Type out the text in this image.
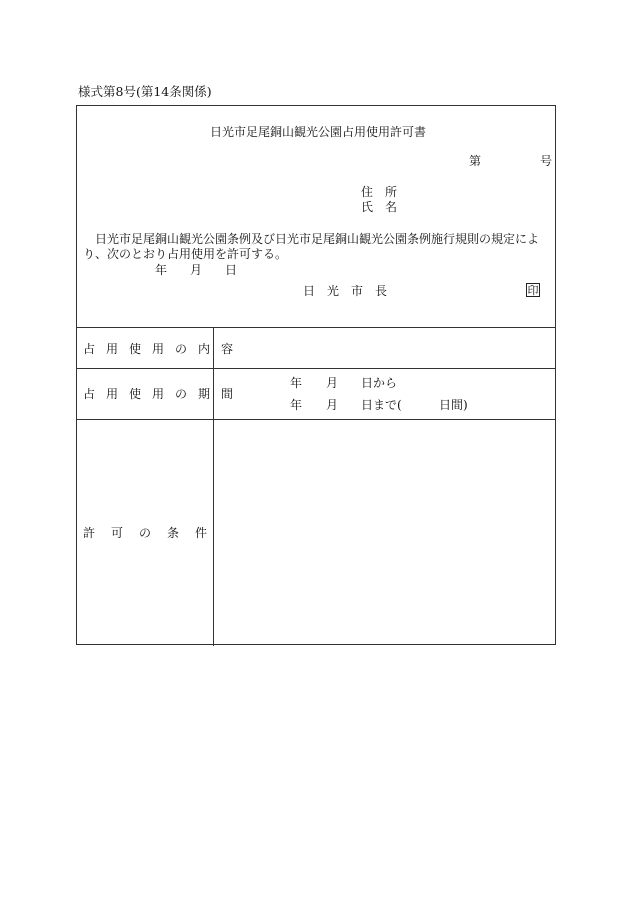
様式第8号(第14条関係)
日光市足尾銅山観光公園占用使用許可書
第	号
住　所
氏　名
日光市足尾銅山観光公園条例及び日光市足尾銅山観光公園条例施行規則の規定によ
り、次のとおり占用使用を許可する。
年 月 日
日　光　市　長	印
占用使用の内容
占用使用の期間
年 月 日から
年 月 日まで(	日間)
許可の条件
